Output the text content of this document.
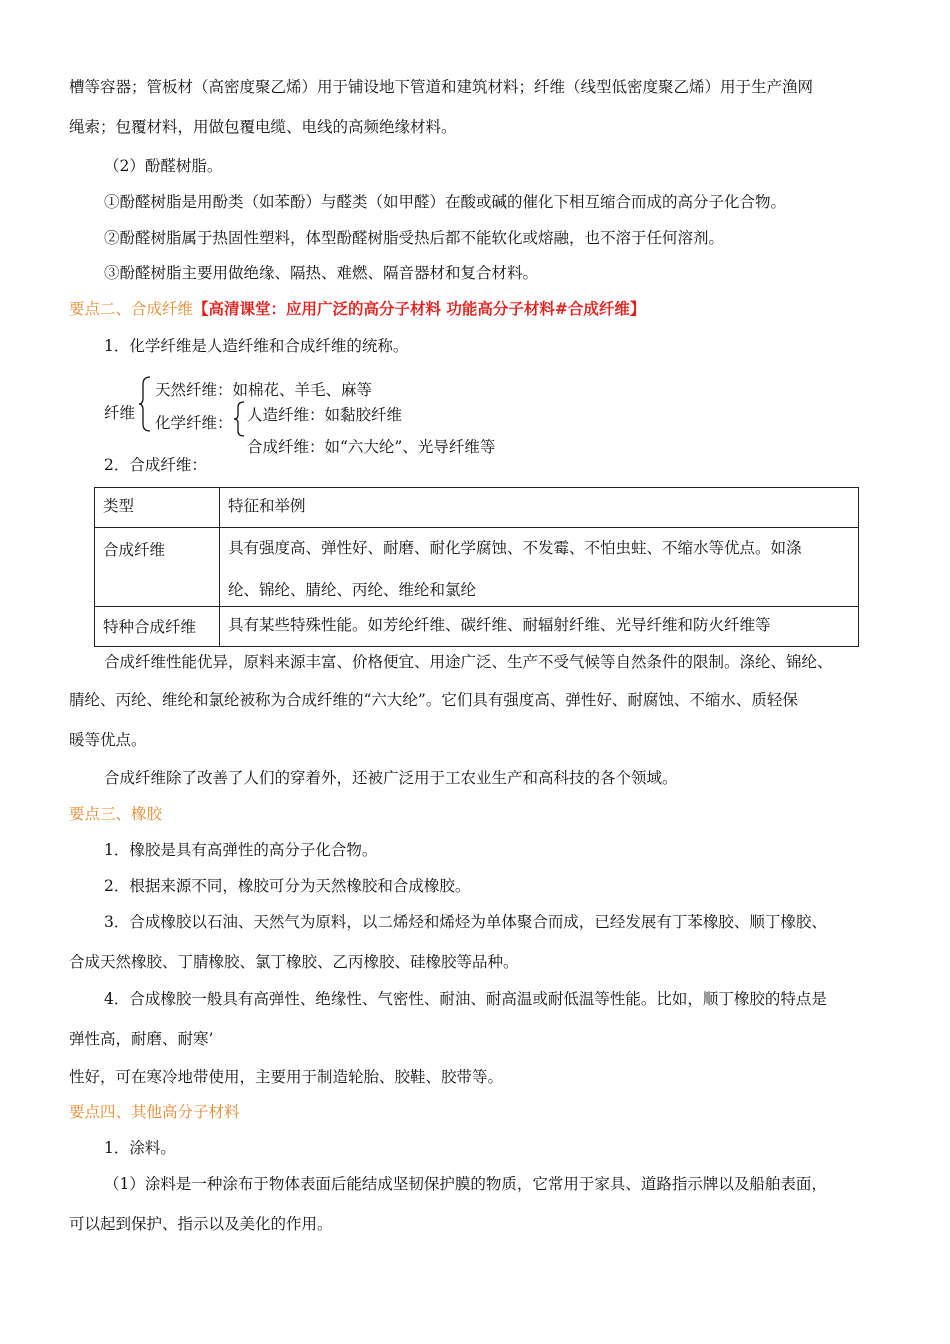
槽等容器；管板材（高密度聚乙烯）用于铺设地下管道和建筑材料；纤维（线型低密度聚乙烯）用于生产渔网
绳索；包覆材料，用做包覆电缆、电线的高频绝缘材料。
（2）酚醛树脂。
①酚醛树脂是用酚类（如苯酚）与醛类（如甲醛）在酸或碱的催化下相互缩合而成的高分子化合物。
②酚醛树脂属于热固性塑料，体型酚醛树脂受热后都不能软化或熔融，也不溶于任何溶剂。
③酚醛树脂主要用做绝缘、隔热、难燃、隔音器材和复合材料。
要点二、合成纤维【高清课堂：应用广泛的高分子材料 功能高分子材料#合成纤维】
1．化学纤维是人造纤维和合成纤维的统称。
纤维
天然纤维：如棉花、羊毛、麻等
化学纤维： 人造纤维：如黏胶纤维
合成纤维：如“六大纶”、光导纤维等
2．合成纤维：
类型	特征和举例
合成纤维	具有强度高、弹性好、耐磨、耐化学腐蚀、不发霉、不怕虫蛀、不缩水等优点。如涤
纶、锦纶、腈纶、丙纶、维纶和氯纶

特种合成纤维	具有某些特殊性能。如芳纶纤维、碳纤维、耐辐射纤维、光导纤维和防火纤维等
合成纤维性能优异，原料来源丰富、价格便宜、用途广泛、生产不受气候等自然条件的限制。涤纶、锦纶、
腈纶、丙纶、维纶和氯纶被称为合成纤维的“六大纶”。它们具有强度高、弹性好、耐腐蚀、不缩水、质轻保
暖等优点。
合成纤维除了改善了人们的穿着外，还被广泛用于工农业生产和高科技的各个领域。
要点三、橡胶
1．橡胶是具有高弹性的高分子化合物。
2．根据来源不同，橡胶可分为天然橡胶和合成橡胶。
3．合成橡胶以石油、天然气为原料，以二烯烃和烯烃为单体聚合而成，已经发展有丁苯橡胶、顺丁橡胶、
合成天然橡胶、丁腈橡胶、氯丁橡胶、乙丙橡胶、硅橡胶等品种。
4．合成橡胶一般具有高弹性、绝缘性、气密性、耐油、耐高温或耐低温等性能。比如，顺丁橡胶的特点是
弹性高，耐磨、耐寒’
性好，可在寒冷地带使用，主要用于制造轮胎、胶鞋、胶带等。
要点四、其他高分子材料
1．涂料。
（1）涂料是一种涂布于物体表面后能结成坚韧保护膜的物质，它常用于家具、道路指示牌以及船舶表面，
可以起到保护、指示以及美化的作用。
